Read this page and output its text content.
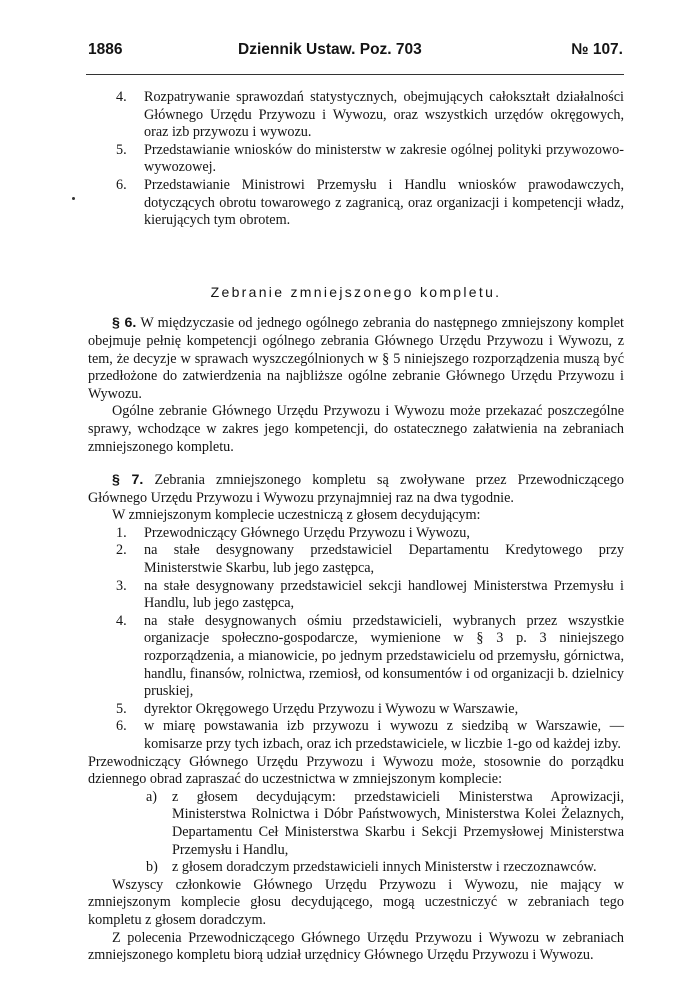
1886	Dziennik Ustaw. Poz. 703	№ 107.
4. Rozpatrywanie sprawozdań statystycznych, obejmujących całokształt działalności Głównego Urzędu Przywozu i Wywozu, oraz wszystkich urzędów okręgowych, oraz izb przywozu i wywozu.
5. Przedstawianie wniosków do ministerstw w zakresie ogólnej polityki przywozowo-wywozowej.
6. Przedstawianie Ministrowi Przemysłu i Handlu wniosków prawodawczych, dotyczących obrotu towarowego z zagranicą, oraz organizacji i kompetencji władz, kierujących tym obrotem.
Zebranie zmniejszonego kompletu.
§ 6. W międzyczasie od jednego ogólnego zebrania do następnego zmniejszony komplet obejmuje pełnię kompetencji ogólnego zebrania Głównego Urzędu Przywozu i Wywozu, z tem, że decyzje w sprawach wyszczególnionych w § 5 niniejszego rozporządzenia muszą być przedłożone do zatwierdzenia na najbliższe ogólne zebranie Głównego Urzędu Przywozu i Wywozu.
Ogólne zebranie Głównego Urzędu Przywozu i Wywozu może przekazać poszczególne sprawy, wchodzące w zakres jego kompetencji, do ostatecznego załatwienia na zebraniach zmniejszonego kompletu.
§ 7. Zebrania zmniejszonego kompletu są zwoływane przez Przewodniczącego Głównego Urzędu Przywozu i Wywozu przynajmniej raz na dwa tygodnie.
W zmniejszonym komplecie uczestniczą z głosem decydującym:
1. Przewodniczący Głównego Urzędu Przywozu i Wywozu,
2. na stałe desygnowany przedstawiciel Departamentu Kredytowego przy Ministerstwie Skarbu, lub jego zastępca,
3. na stałe desygnowany przedstawiciel sekcji handlowej Ministerstwa Przemysłu i Handlu, lub jego zastępca,
4. na stałe desygnowanych ośmiu przedstawicieli, wybranych przez wszystkie organizacje społeczno-gospodarcze, wymienione w § 3 p. 3 niniejszego rozporządzenia, a mianowicie, po jednym przedstawicielu od przemysłu, górnictwa, handlu, finansów, rolnictwa, rzemiosł, od konsumentów i od organizacji b. dzielnicy pruskiej,
5. dyrektor Okręgowego Urzędu Przywozu i Wywozu w Warszawie,
6. w miarę powstawania izb przywozu i wywozu z siedzibą w Warszawie, — komisarze przy tych izbach, oraz ich przedstawiciele, w liczbie 1-go od każdej izby.
Przewodniczący Głównego Urzędu Przywozu i Wywozu może, stosownie do porządku dziennego obrad zapraszać do uczestnictwa w zmniejszonym komplecie:
a) z głosem decydującym: przedstawicieli Ministerstwa Aprowizacji, Ministerstwa Rolnictwa i Dóbr Państwowych, Ministerstwa Kolei Żelaznych, Departamentu Ceł Ministerstwa Skarbu i Sekcji Przemysłowej Ministerstwa Przemysłu i Handlu,
b) z głosem doradczym przedstawicieli innych Ministerstw i rzeczoznawców.
Wszyscy członkowie Głównego Urzędu Przywozu i Wywozu, nie mający w zmniejszonym komplecie głosu decydującego, mogą uczestniczyć w zebraniach tego kompletu z głosem doradczym.
Z polecenia Przewodniczącego Głównego Urzędu Przywozu i Wywozu w zebraniach zmniejszonego kompletu biorą udział urzędnicy Głównego Urzędu Przywozu i Wywozu.
